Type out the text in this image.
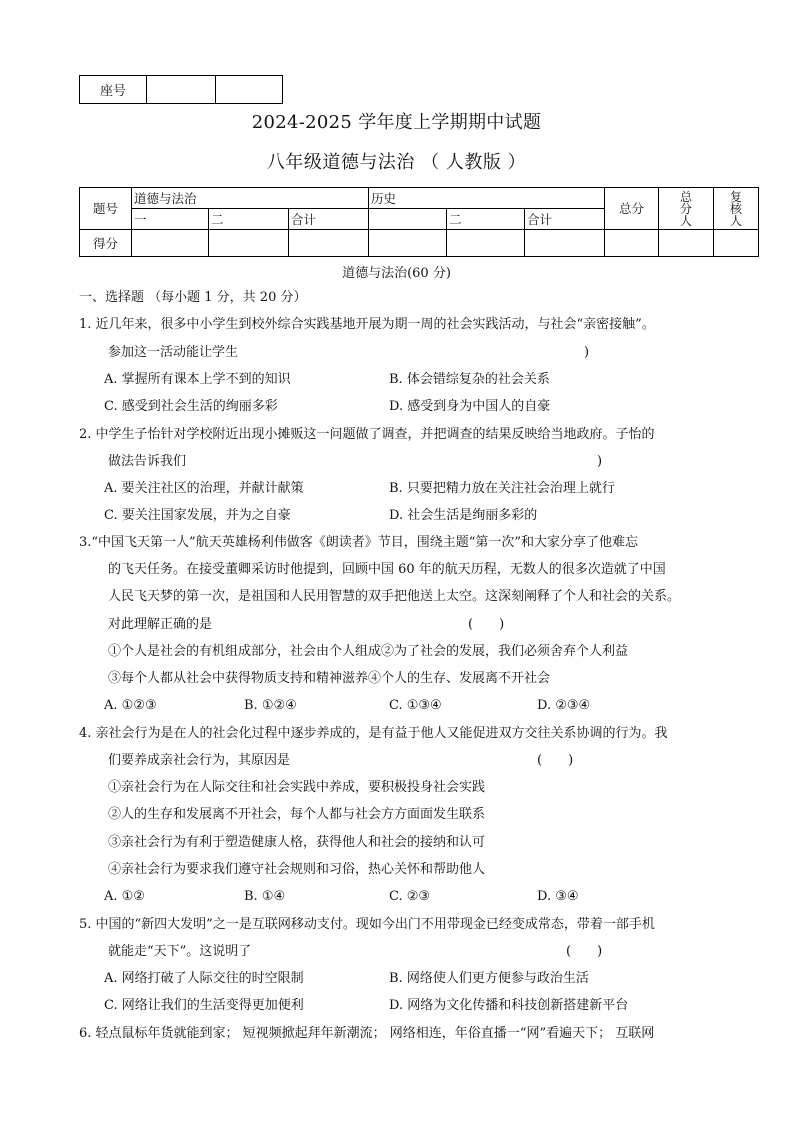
座号		
2024-2025 学年度上学期期中试题
八年级道德与法治 （ 人教版 ）
题号	道德与法治			历史			总分	总分人	复核人

	一	二	合计		二	合计			
得分									
道德与法治(60 分)
一、选择题 （每小题 1 分，共 20 分）
1. 近几年来，很多中小学生到校外综合实践基地开展为期一周的社会实践活动，与社会“亲密接触”。
参加这一活动能让学生	)
A. 掌握所有课本上学不到的知识	B. 体会错综复杂的社会关系
C. 感受到社会生活的绚丽多彩	D. 感受到身为中国人的自豪
2. 中学生子怡针对学校附近出现小摊贩这一问题做了调查，并把调查的结果反映给当地政府。子怡的
做法告诉我们	)
A. 要关注社区的治理，并献计献策	B. 只要把精力放在关注社会治理上就行
C. 要关注国家发展，并为之自豪	D. 社会生活是绚丽多彩的
3.“中国飞天第一人”航天英雄杨利伟做客《朗读者》节目，围绕主题“第一次”和大家分享了他难忘
的飞天任务。在接受董卿采访时他提到，回顾中国 60 年的航天历程，无数人的很多次造就了中国
人民飞天梦的第一次，是祖国和人民用智慧的双手把他送上太空。这深刻阐释了个人和社会的关系。
对此理解正确的是	(　　)
①个人是社会的有机组成部分，社会由个人组成②为了社会的发展，我们必须舍弃个人利益
③每个人都从社会中获得物质支持和精神滋养④个人的生存、发展离不开社会
A. ①②③	B. ①②④	C. ①③④	D. ②③④
4. 亲社会行为是在人的社会化过程中逐步养成的，是有益于他人又能促进双方交往关系协调的行为。我
们要养成亲社会行为，其原因是	(　　)
①亲社会行为在人际交往和社会实践中养成，要积极投身社会实践
②人的生存和发展离不开社会，每个人都与社会方方面面发生联系
③亲社会行为有利于塑造健康人格，获得他人和社会的接纳和认可
④亲社会行为要求我们遵守社会规则和习俗，热心关怀和帮助他人
A. ①②	B. ①④	C. ②③	D. ③④
5. 中国的“新四大发明”之一是互联网移动支付。现如今出门不用带现金已经变成常态，带着一部手机
就能走“天下”。这说明了	(　　)
A. 网络打破了人际交往的时空限制	B. 网络使人们更方便参与政治生活
C. 网络让我们的生活变得更加便利	D. 网络为文化传播和科技创新搭建新平台
6. 轻点鼠标年货就能到家； 短视频掀起拜年新潮流； 网络相连，年俗直播一“网”看遍天下； 互联网
